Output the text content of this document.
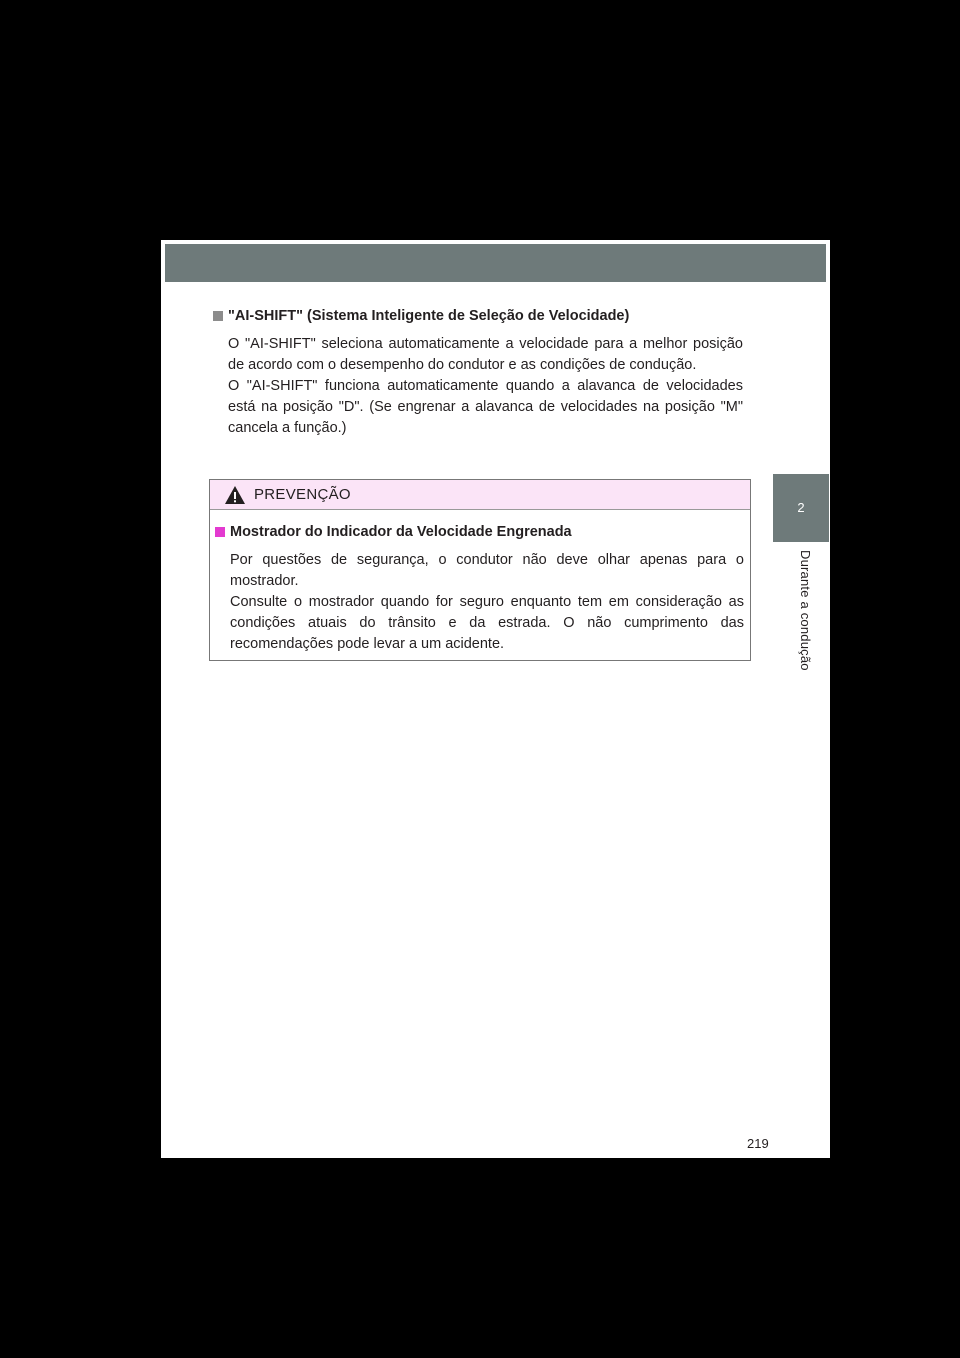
2
Durante a condução
"AI-SHIFT" (Sistema Inteligente de Seleção de Velocidade)

O "AI-SHIFT" seleciona automaticamente a velocidade para a melhor posição de acordo com o desempenho do condutor e as condições de condução.

O "AI-SHIFT" funciona automaticamente quando a alavanca de velocidades está na posição "D". (Se engrenar a alavanca de velocidades na posição "M" cancela a função.)

PREVENÇÃO
Mostrador do Indicador da Velocidade Engrenada

Por questões de segurança, o condutor não deve olhar apenas para o mostrador.

Consulte o mostrador quando for seguro enquanto tem em consideração as condições atuais do trânsito e da estrada. O não cumprimento das recomendações pode levar a um acidente.

219
